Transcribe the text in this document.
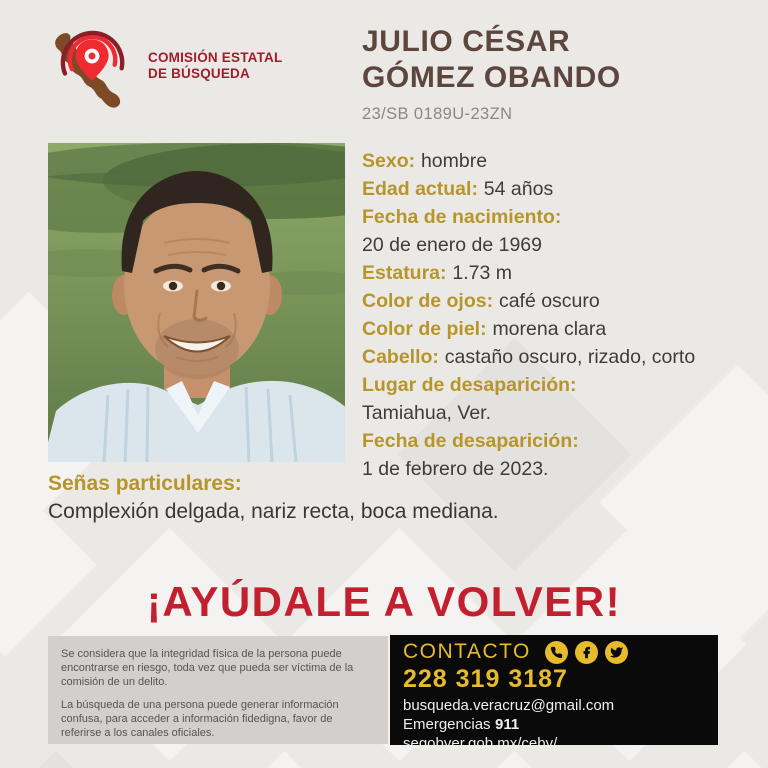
COMISIÓN ESTATAL
DE BÚSQUEDA
JULIO CÉSAR
GÓMEZ OBANDO
23/SB 0189U-23ZN
Sexo: hombre
Edad actual: 54 años
Fecha de nacimiento:
20 de enero de 1969
Estatura: 1.73 m
Color de ojos: café oscuro
Color de piel: morena clara
Cabello: castaño oscuro, rizado, corto
Lugar de desaparición:
Tamiahua, Ver.
Fecha de desaparición:
1 de febrero de 2023.
Señas particulares:
Complexión delgada, nariz recta, boca mediana.
¡AYÚDALE A VOLVER!

Se considera que la integridad física de la persona puede encontrarse en riesgo, toda vez que pueda ser víctima de la comisión de un delito.

La búsqueda de una persona puede generar información confusa, para acceder a información fidedigna, favor de referirse a los canales oficiales.

CONTACTO
228 319 3187
busqueda.veracruz@gmail.com
Emergencias 911
segobver.gob.mx/cebv/
